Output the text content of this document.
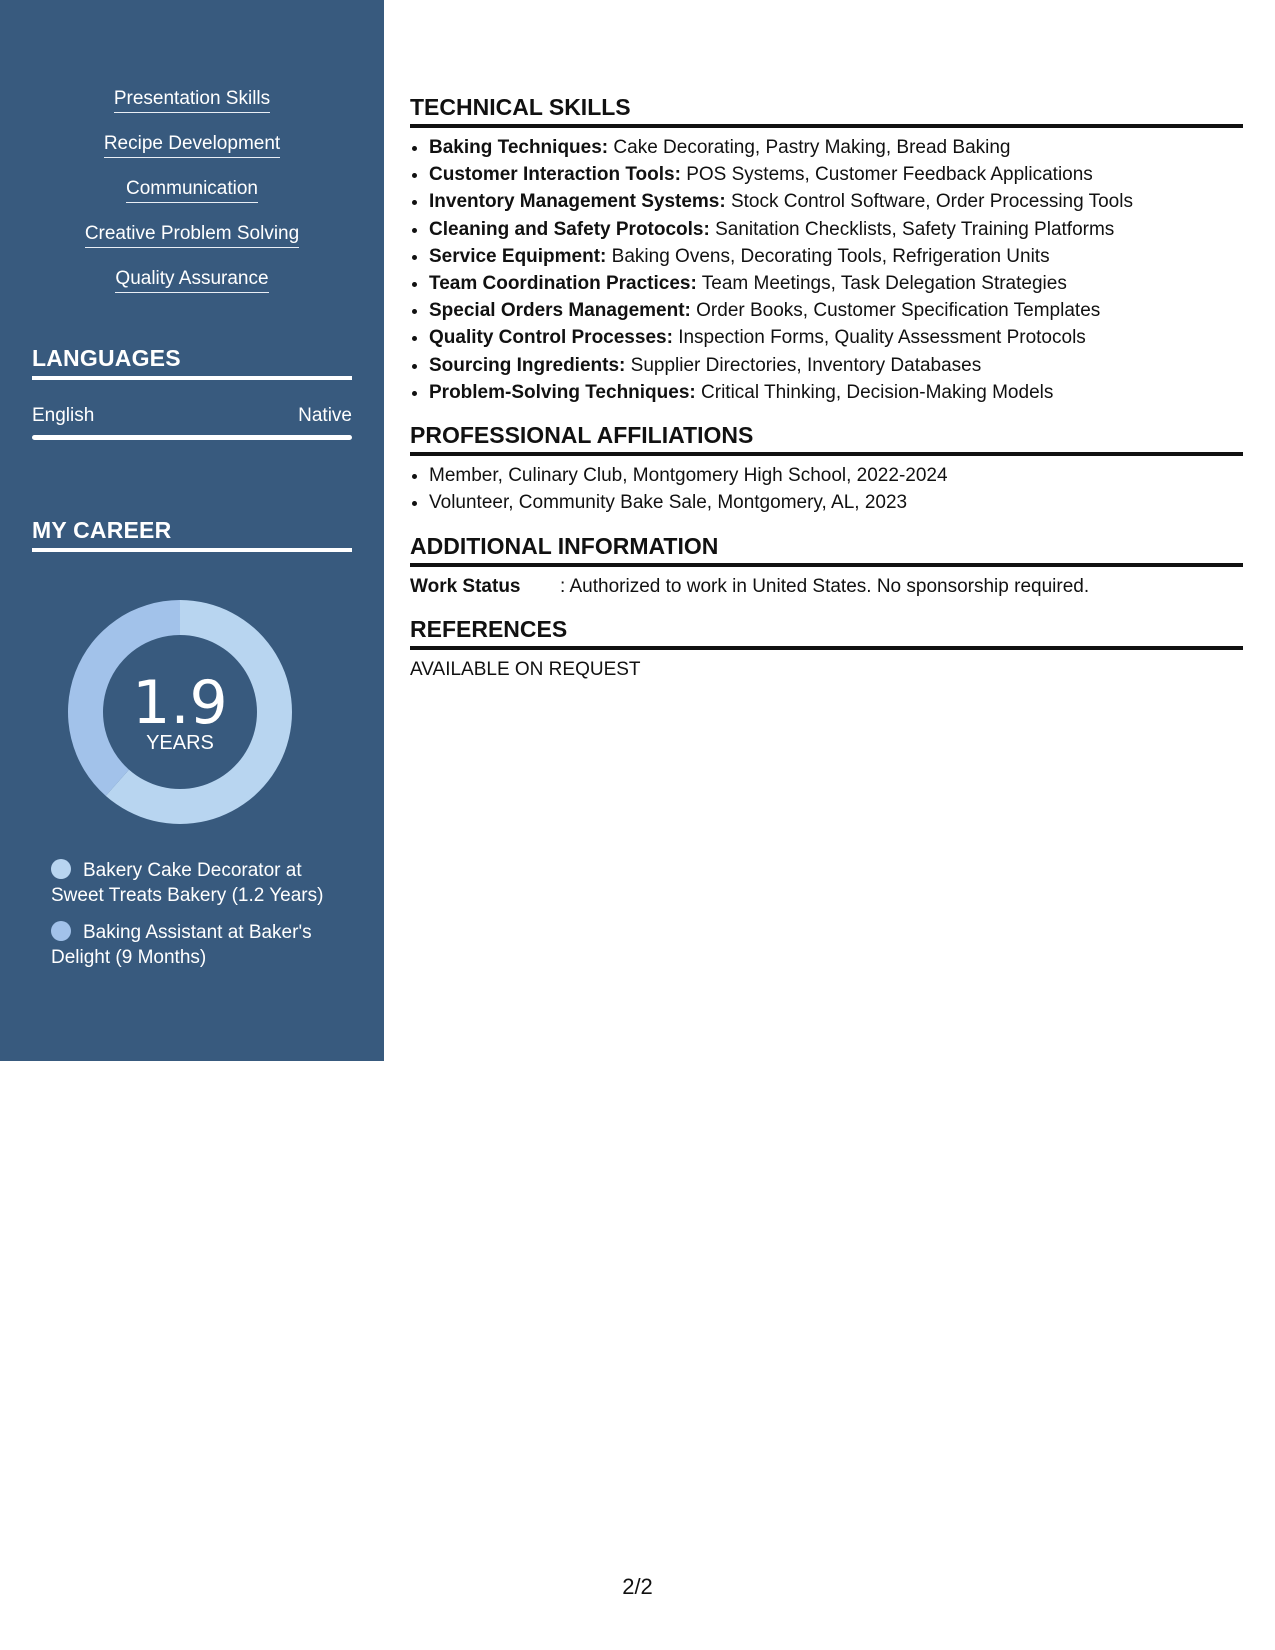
Presentation Skills
Recipe Development
Communication
Creative Problem Solving
Quality Assurance
LANGUAGES
English	Native
MY CAREER
1.9
YEARS
Bakery Cake Decorator at Sweet Treats Bakery (1.2 Years)
Baking Assistant at Baker's Delight (9 Months)
TECHNICAL SKILLS
• Baking Techniques: Cake Decorating, Pastry Making, Bread Baking
• Customer Interaction Tools: POS Systems, Customer Feedback Applications
• Inventory Management Systems: Stock Control Software, Order Processing Tools
• Cleaning and Safety Protocols: Sanitation Checklists, Safety Training Platforms
• Service Equipment: Baking Ovens, Decorating Tools, Refrigeration Units
• Team Coordination Practices: Team Meetings, Task Delegation Strategies
• Special Orders Management: Order Books, Customer Specification Templates
• Quality Control Processes: Inspection Forms, Quality Assessment Protocols
• Sourcing Ingredients: Supplier Directories, Inventory Databases
• Problem-Solving Techniques: Critical Thinking, Decision-Making Models
PROFESSIONAL AFFILIATIONS
• Member, Culinary Club, Montgomery High School, 2022-2024
• Volunteer, Community Bake Sale, Montgomery, AL, 2023
ADDITIONAL INFORMATION
Work Status	: Authorized to work in United States. No sponsorship required.
REFERENCES
AVAILABLE ON REQUEST
2/2
